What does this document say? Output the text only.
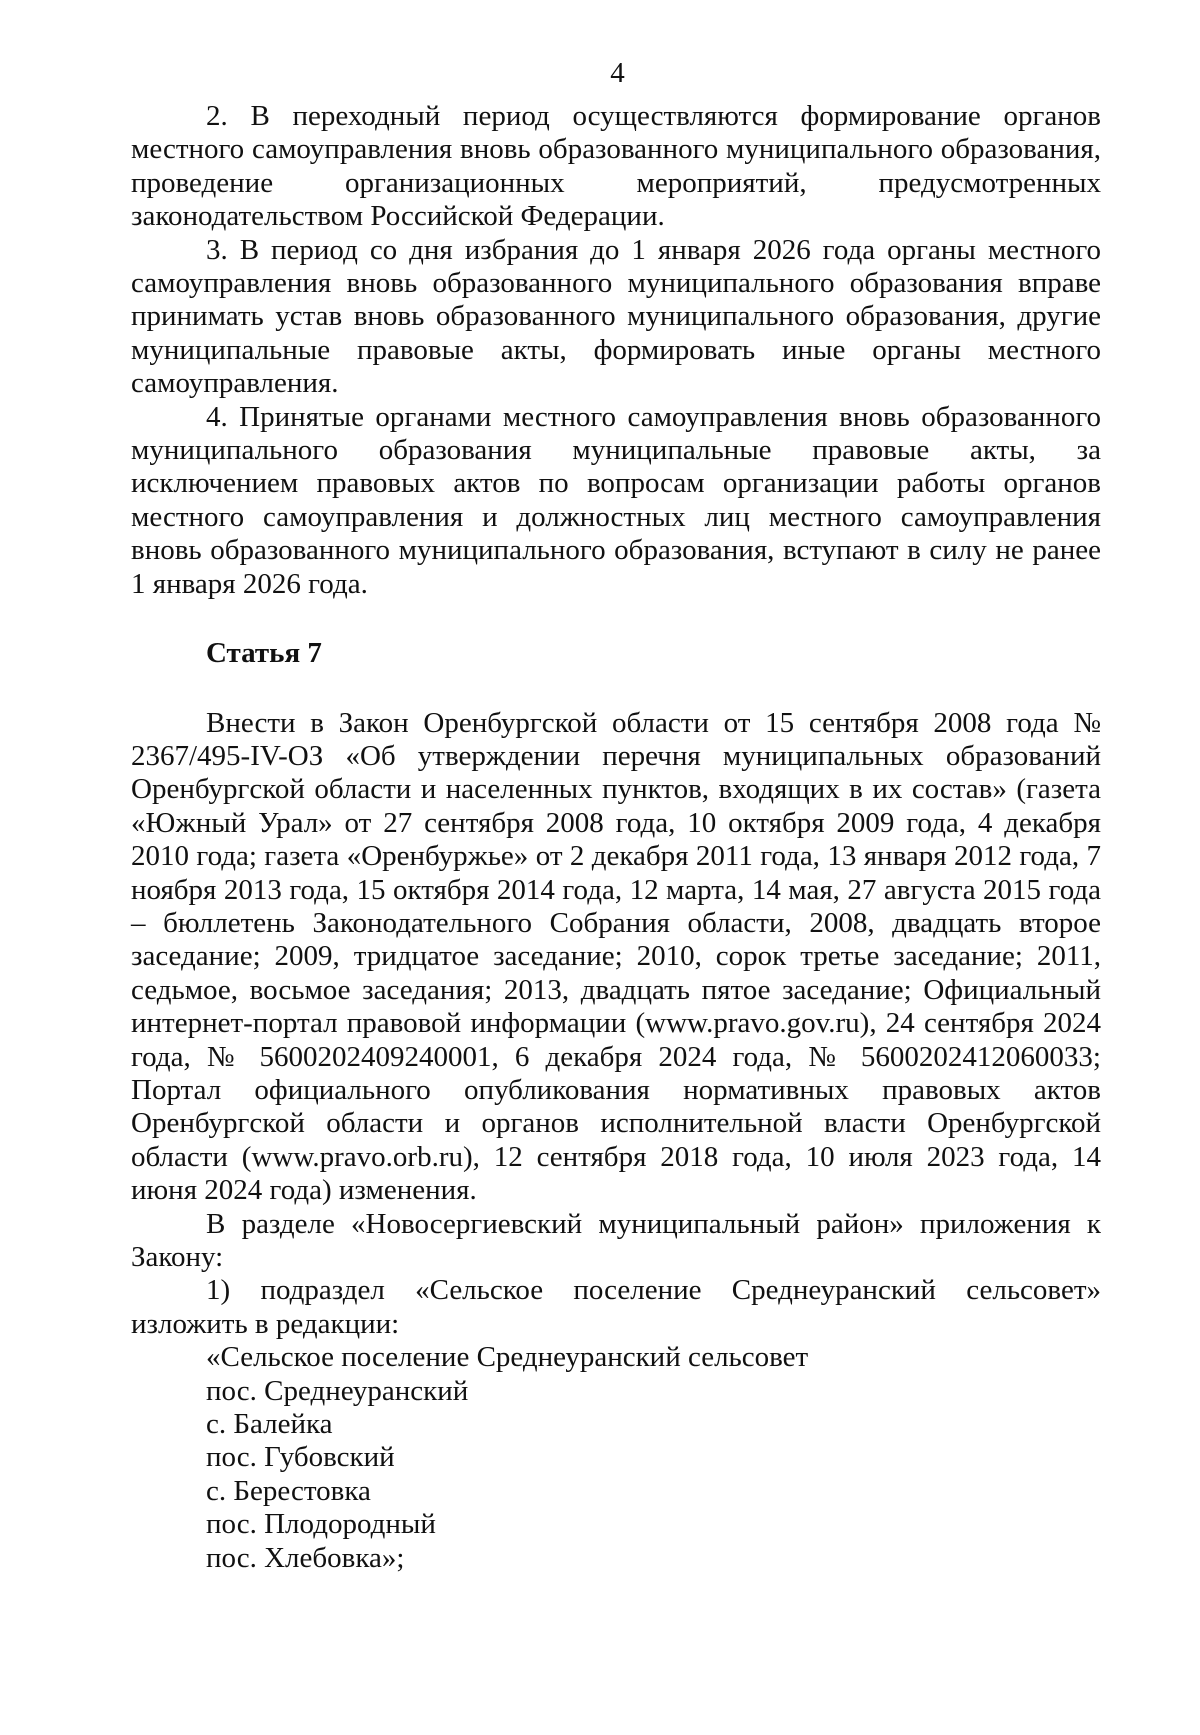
4

2. В переходный период осуществляются формирование органов местного самоуправления вновь образованного муниципального образования, проведение организационных мероприятий, предусмотренных законодательством Российской Федерации.

3. В период со дня избрания до 1 января 2026 года органы местного самоуправления вновь образованного муниципального образования вправе принимать устав вновь образованного муниципального образования, другие муниципальные правовые акты, формировать иные органы местного самоуправления.

4. Принятые органами местного самоуправления вновь образованного муниципального образования муниципальные правовые акты, за исключением правовых актов по вопросам организации работы органов местного самоуправления и должностных лиц местного самоуправления вновь образованного муниципального образования, вступают в силу не ранее 1 января 2026 года.

Статья 7

Внести в Закон Оренбургской области от 15 сентября 2008 года № 2367/495-IV-ОЗ «Об утверждении перечня муниципальных образований Оренбургской области и населенных пунктов, входящих в их состав» (газета «Южный Урал» от 27 сентября 2008 года, 10 октября 2009 года, 4 декабря 2010 года; газета «Оренбуржье» от 2 декабря 2011 года, 13 января 2012 года, 7 ноября 2013 года, 15 октября 2014 года, 12 марта, 14 мая, 27 августа 2015 года – бюллетень Законодательного Собрания области, 2008, двадцать второе заседание; 2009, тридцатое заседание; 2010, сорок третье заседание; 2011, седьмое, восьмое заседания; 2013, двадцать пятое заседание; Официальный интернет-портал правовой информации (www.pravo.gov.ru), 24 сентября 2024 года, № 5600202409240001, 6 декабря 2024 года, № 5600202412060033; Портал официального опубликования нормативных правовых актов Оренбургской области и органов исполнительной власти Оренбургской области (www.pravo.orb.ru), 12 сентября 2018 года, 10 июля 2023 года, 14 июня 2024 года) изменения.

В разделе «Новосергиевский муниципальный район» приложения к Закону:

1) подраздел «Сельское поселение Среднеуранский сельсовет» изложить в редакции:

«Сельское поселение Среднеуранский сельсовет
пос. Среднеуранский
с. Балейка
пос. Губовский
с. Берестовка
пос. Плодородный
пос. Хлебовка»;
